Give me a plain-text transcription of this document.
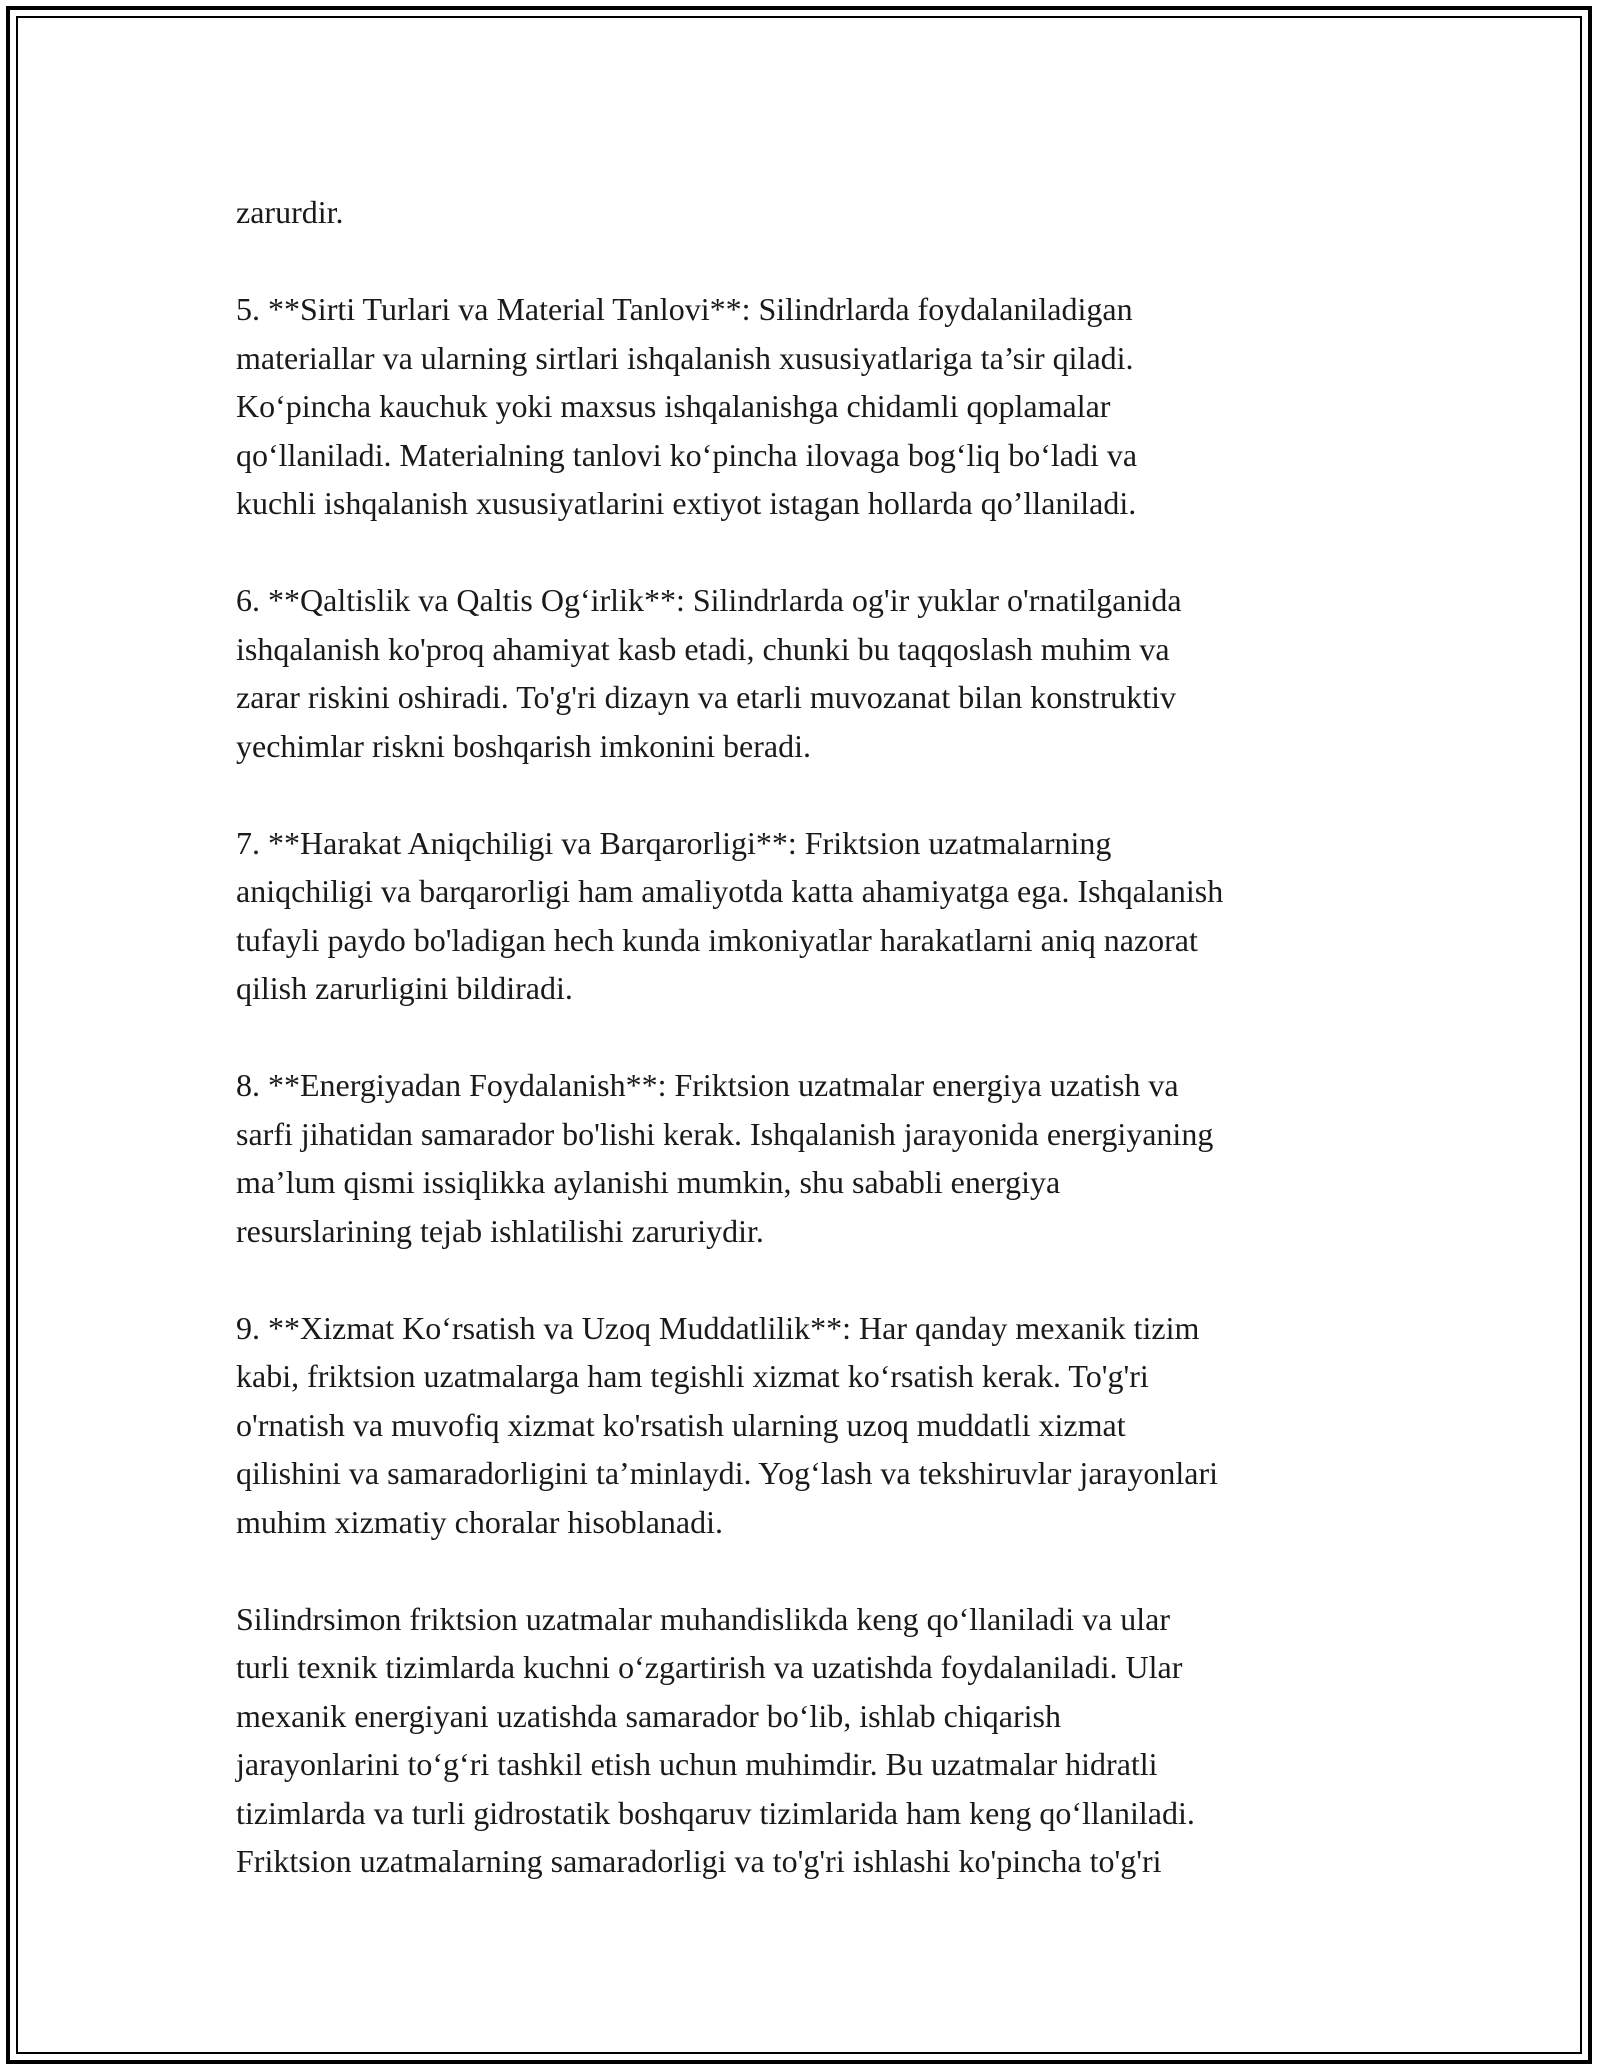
zarurdir.

5. **Sirti Turlari va Material Tanlovi**: Silindrlarda foydalaniladigan
materiallar va ularning sirtlari ishqalanish xususiyatlariga ta’sir qiladi.
Ko‘pincha kauchuk yoki maxsus ishqalanishga chidamli qoplamalar
qo‘llaniladi. Materialning tanlovi ko‘pincha ilovaga bog‘liq bo‘ladi va
kuchli ishqalanish xususiyatlarini extiyot istagan hollarda qo’llaniladi.

6. **Qaltislik va Qaltis Og‘irlik**: Silindrlarda og'ir yuklar o'rnatilganida
ishqalanish ko'proq ahamiyat kasb etadi, chunki bu taqqoslash muhim va
zarar riskini oshiradi. To'g'ri dizayn va etarli muvozanat bilan konstruktiv
yechimlar riskni boshqarish imkonini beradi.

7. **Harakat Aniqchiligi va Barqarorligi**: Friktsion uzatmalarning
aniqchiligi va barqarorligi ham amaliyotda katta ahamiyatga ega. Ishqalanish
tufayli paydo bo'ladigan hech kunda imkoniyatlar harakatlarni aniq nazorat
qilish zarurligini bildiradi.

8. **Energiyadan Foydalanish**: Friktsion uzatmalar energiya uzatish va
sarfi jihatidan samarador bo'lishi kerak. Ishqalanish jarayonida energiyaning
ma’lum qismi issiqlikka aylanishi mumkin, shu sababli energiya
resurslarining tejab ishlatilishi zaruriydir.

9. **Xizmat Ko‘rsatish va Uzoq Muddatlilik**: Har qanday mexanik tizim
kabi, friktsion uzatmalarga ham tegishli xizmat ko‘rsatish kerak. To'g'ri
o'rnatish va muvofiq xizmat ko'rsatish ularning uzoq muddatli xizmat
qilishini va samaradorligini ta’minlaydi. Yog‘lash va tekshiruvlar jarayonlari
muhim xizmatiy choralar hisoblanadi.

Silindrsimon friktsion uzatmalar muhandislikda keng qo‘llaniladi va ular
turli texnik tizimlarda kuchni o‘zgartirish va uzatishda foydalaniladi. Ular
mexanik energiyani uzatishda samarador bo‘lib, ishlab chiqarish
jarayonlarini to‘g‘ri tashkil etish uchun muhimdir. Bu uzatmalar hidratli
tizimlarda va turli gidrostatik boshqaruv tizimlarida ham keng qo‘llaniladi.
Friktsion uzatmalarning samaradorligi va to'g'ri ishlashi ko'pincha to'g'ri
